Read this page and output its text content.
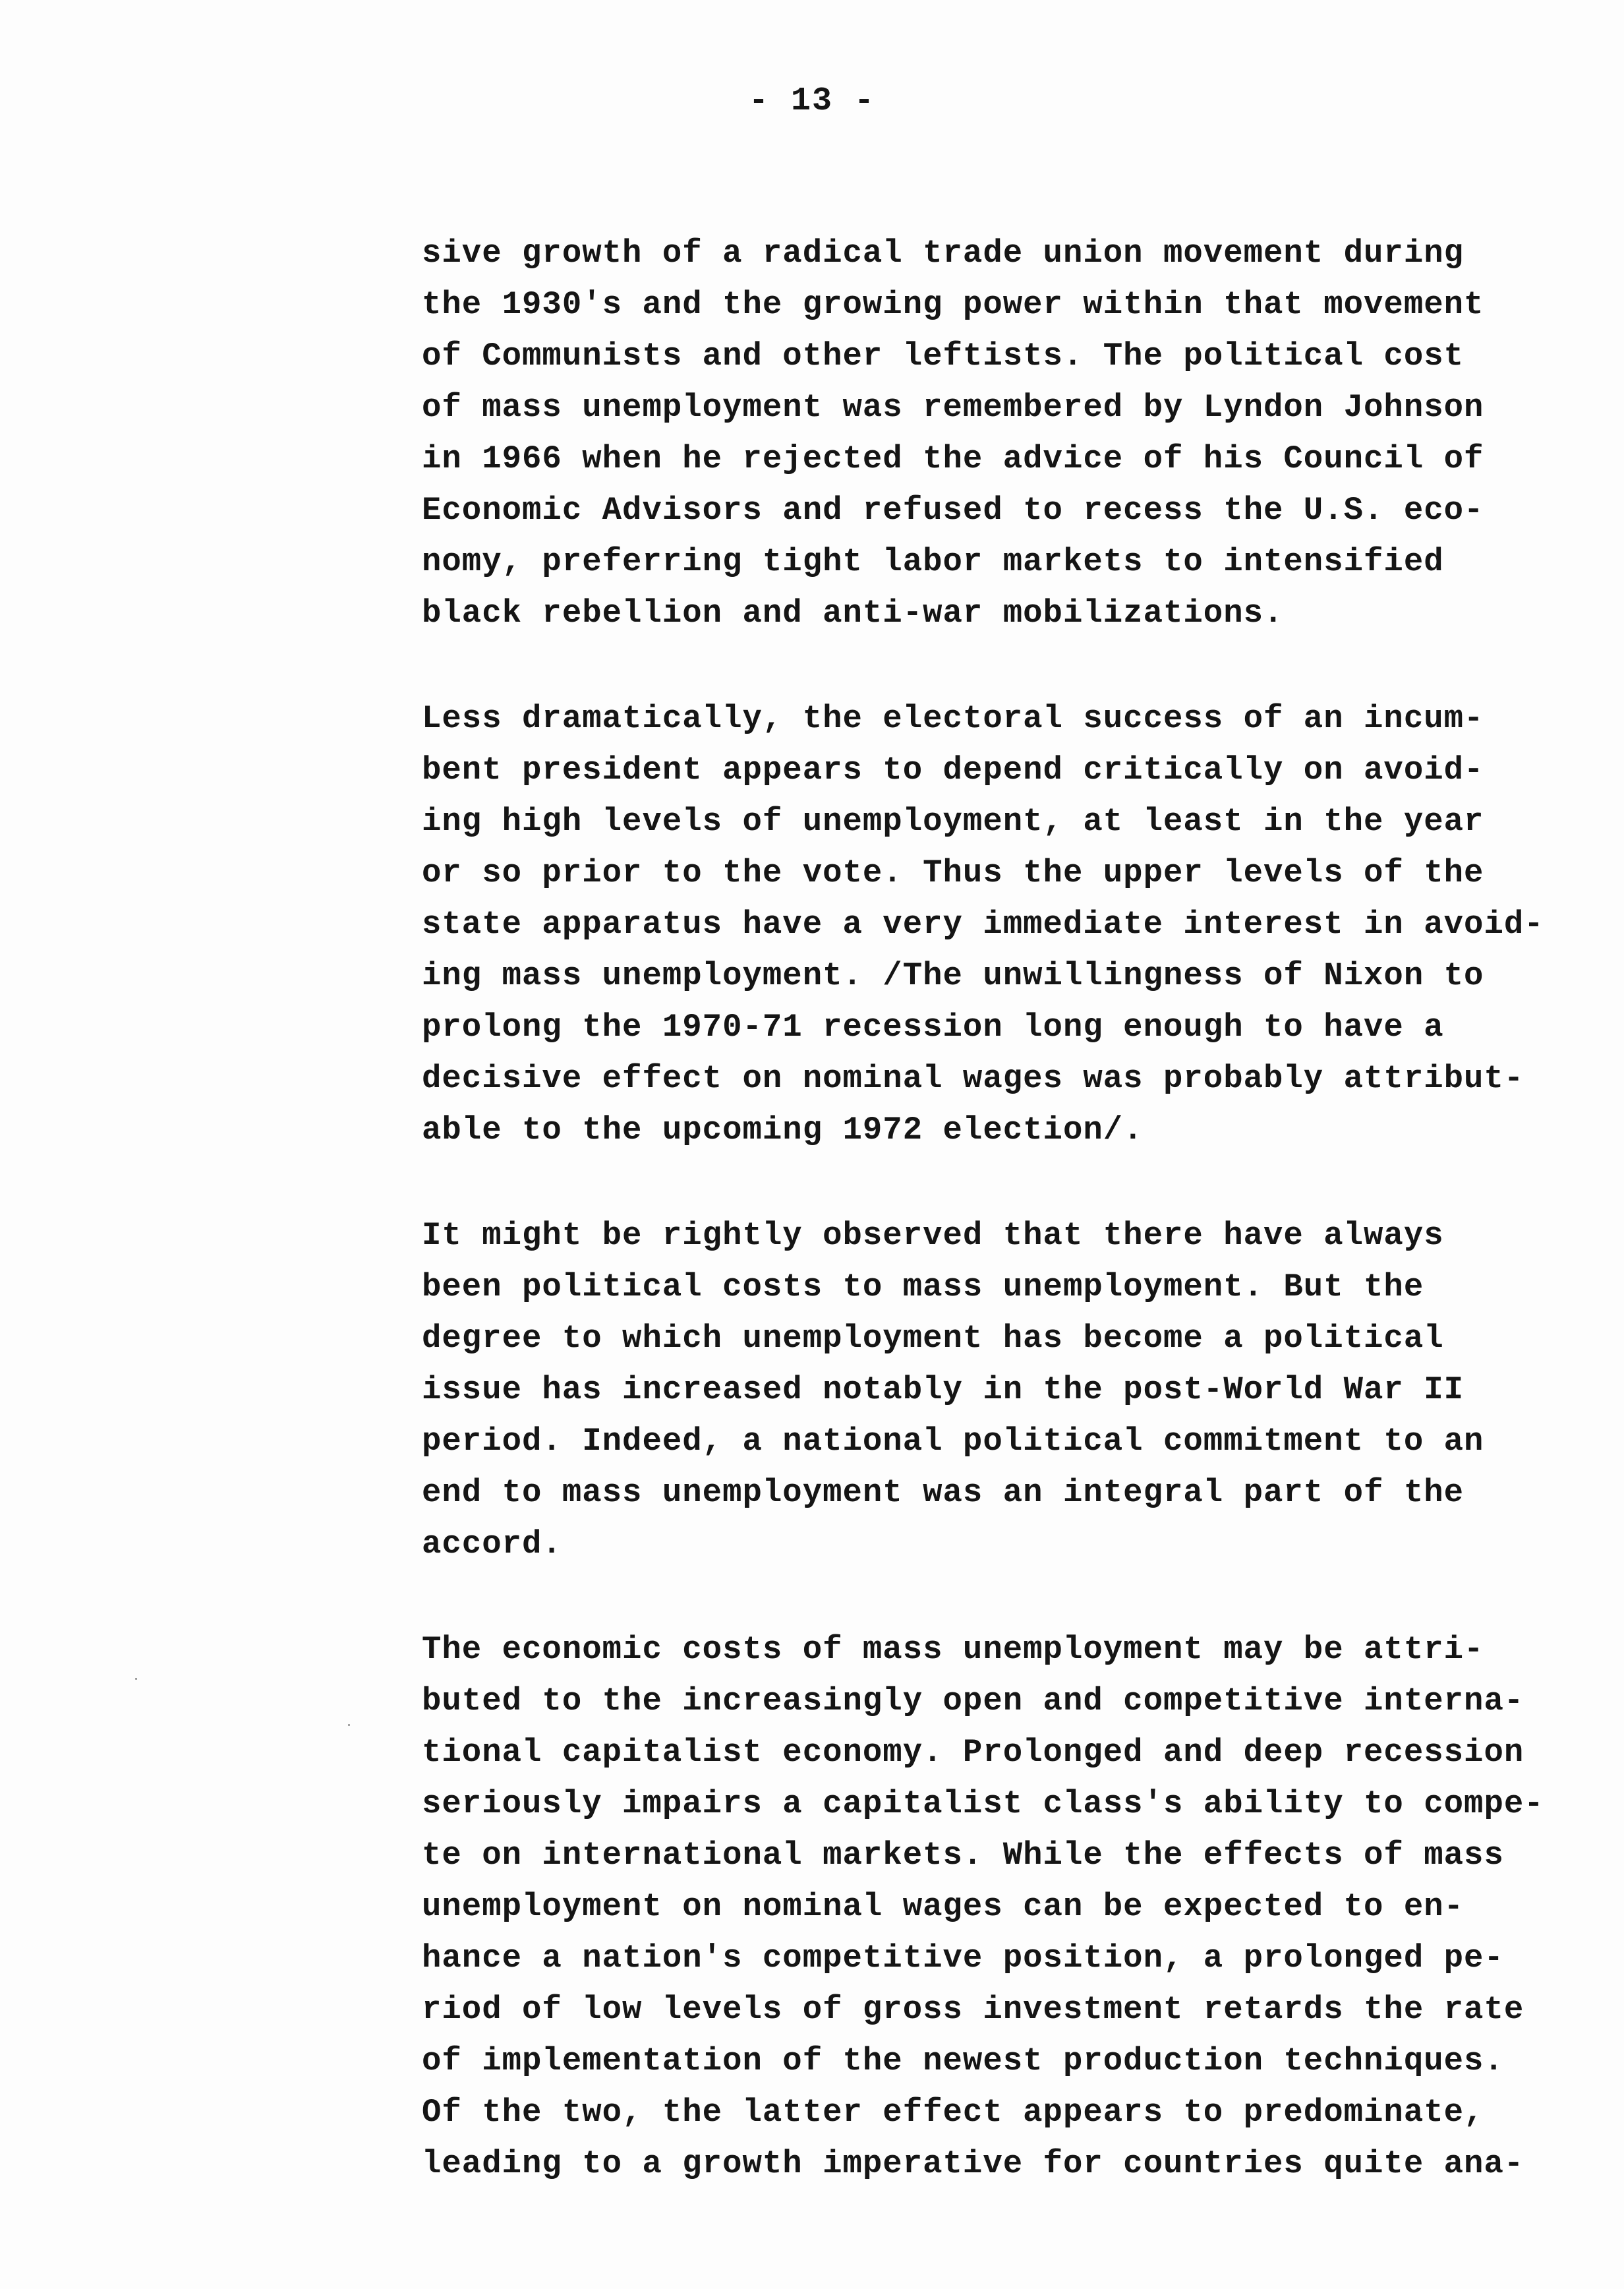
- 13 -
sive growth of a radical trade union movement during
the 1930's and the growing power within that movement
of Communists and other leftists. The political cost
of mass unemployment was remembered by Lyndon Johnson
in 1966 when he rejected the advice of his Council of
Economic Advisors and refused to recess the U.S. eco-
nomy, preferring tight labor markets to intensified
black rebellion and anti-war mobilizations.
Less dramatically, the electoral success of an incum-
bent president appears to depend critically on avoid-
ing high levels of unemployment, at least in the year
or so prior to the vote. Thus the upper levels of the
state apparatus have a very immediate interest in avoid-
ing mass unemployment. /The unwillingness of Nixon to
prolong the 1970-71 recession long enough to have a
decisive effect on nominal wages was probably attribut-
able to the upcoming 1972 election/.
It might be rightly observed that there have always
been political costs to mass unemployment. But the
degree to which unemployment has become a political
issue has increased notably in the post-World War II
period. Indeed, a national political commitment to an
end to mass unemployment was an integral part of the
accord.
The economic costs of mass unemployment may be attri-
buted to the increasingly open and competitive interna-
tional capitalist economy. Prolonged and deep recession
seriously impairs a capitalist class's ability to compe-
te on international markets. While the effects of mass
unemployment on nominal wages can be expected to en-
hance a nation's competitive position, a prolonged pe-
riod of low levels of gross investment retards the rate
of implementation of the newest production techniques.
Of the two, the latter effect appears to predominate,
leading to a growth imperative for countries quite ana-
